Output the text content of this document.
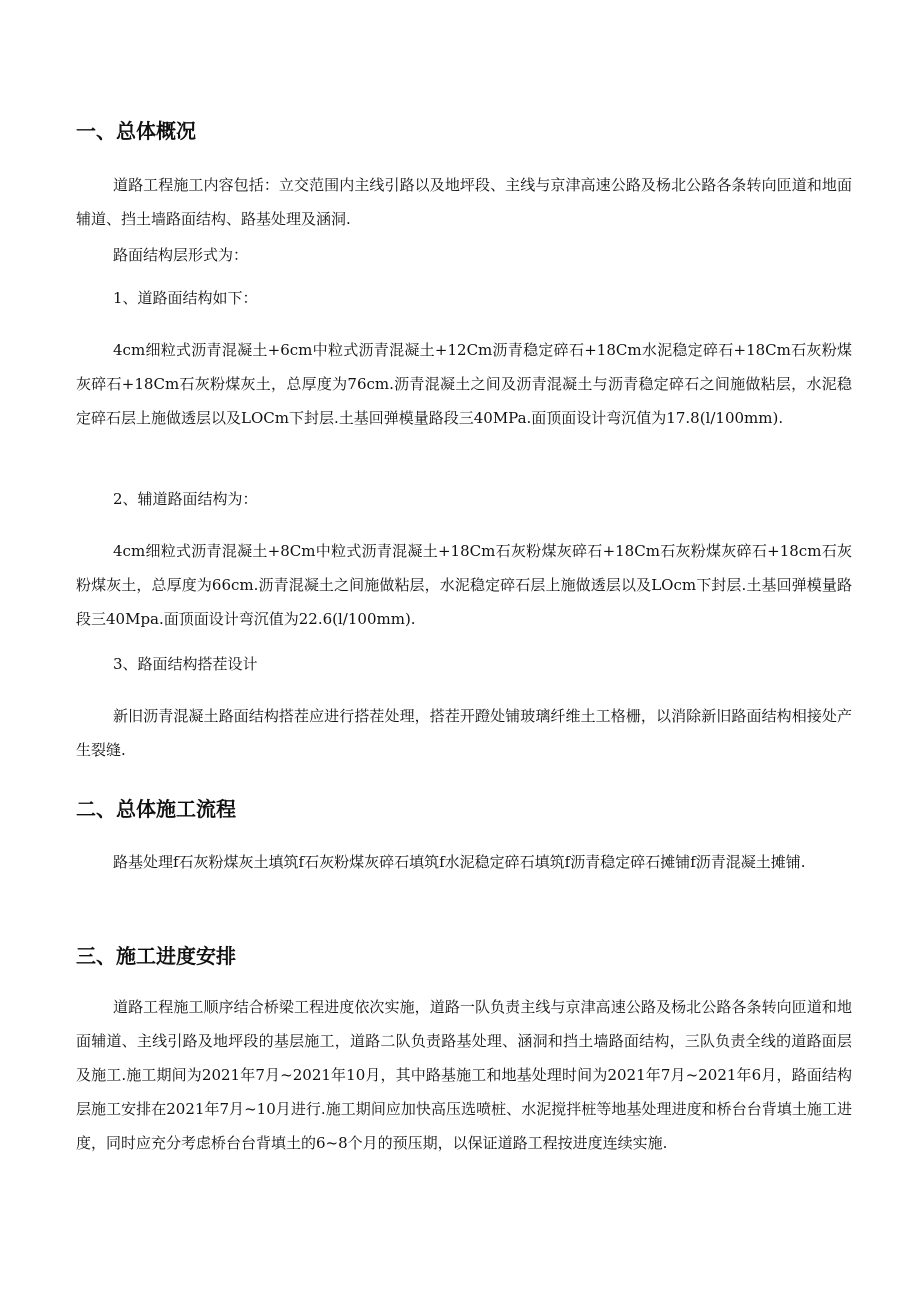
一、总体概况

道路工程施工内容包括：立交范围内主线引路以及地坪段、主线与京津高速公路及杨北公路各条转向匝道和地面辅道、挡土墙路面结构、路基处理及涵洞.

路面结构层形式为：

1、道路面结构如下：

4cm细粒式沥青混凝土+6cm中粒式沥青混凝土+12Cm沥青稳定碎石+18Cm水泥稳定碎石+18Cm石灰粉煤灰碎石+18Cm石灰粉煤灰土，总厚度为76cm.沥青混凝土之间及沥青混凝土与沥青稳定碎石之间施做粘层，水泥稳定碎石层上施做透层以及LOCm下封层.土基回弹模量路段三40MPa.面顶面设计弯沉值为17.8(l/100mm).

2、辅道路面结构为：

4cm细粒式沥青混凝土+8Cm中粒式沥青混凝土+18Cm石灰粉煤灰碎石+18Cm石灰粉煤灰碎石+18cm石灰粉煤灰土，总厚度为66cm.沥青混凝土之间施做粘层，水泥稳定碎石层上施做透层以及LOcm下封层.土基回弹模量路段三40Mpa.面顶面设计弯沉值为22.6(l/100mm).

3、路面结构搭茬设计

新旧沥青混凝土路面结构搭茬应进行搭茬处理，搭茬开蹬处铺玻璃纤维土工格栅，以消除新旧路面结构相接处产生裂缝.

二、总体施工流程

路基处理f石灰粉煤灰土填筑f石灰粉煤灰碎石填筑f水泥稳定碎石填筑f沥青稳定碎石摊铺f沥青混凝土摊铺.

三、施工进度安排

道路工程施工顺序结合桥梁工程进度依次实施，道路一队负责主线与京津高速公路及杨北公路各条转向匝道和地面辅道、主线引路及地坪段的基层施工，道路二队负责路基处理、涵洞和挡土墙路面结构，三队负责全线的道路面层及施工.施工期间为2021年7月~2021年10月，其中路基施工和地基处理时间为2021年7月~2021年6月，路面结构层施工安排在2021年7月~10月进行.施工期间应加快高压选喷桩、水泥搅拌桩等地基处理进度和桥台台背填土施工进度，同时应充分考虑桥台台背填土的6~8个月的预压期，以保证道路工程按进度连续实施.
